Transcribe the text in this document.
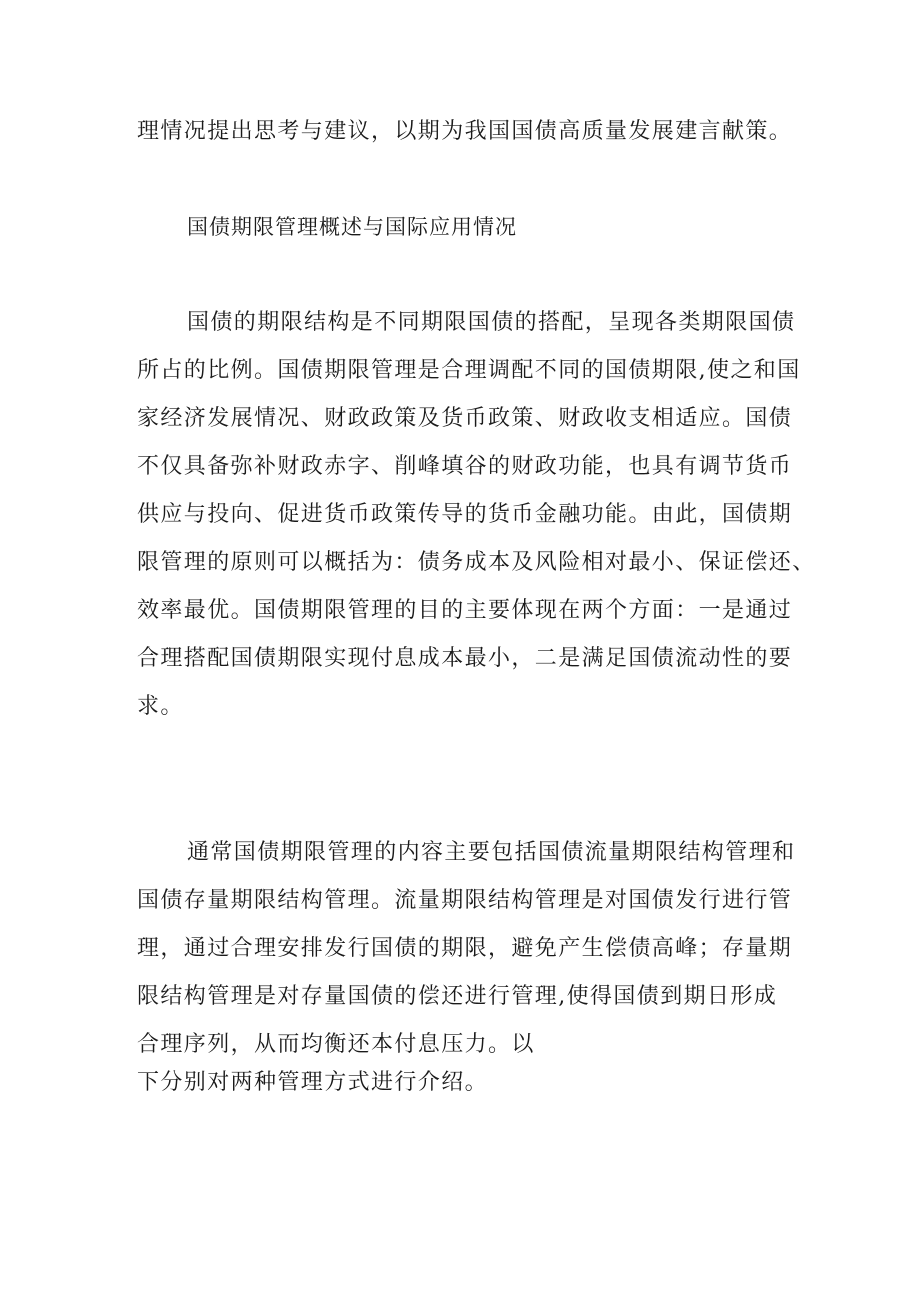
理情况提出思考与建议，以期为我国国债高质量发展建言献策。
国债期限管理概述与国际应用情况
国债的期限结构是不同期限国债的搭配，呈现各类期限国债
所占的比例。国债期限管理是合理调配不同的国债期限,使之和国
家经济发展情况、财政政策及货币政策、财政收支相适应。国债
不仅具备弥补财政赤字、削峰填谷的财政功能，也具有调节货币
供应与投向、促进货币政策传导的货币金融功能。由此，国债期
限管理的原则可以概括为：债务成本及风险相对最小、保证偿还、
效率最优。国债期限管理的目的主要体现在两个方面：一是通过
合理搭配国债期限实现付息成本最小，二是满足国债流动性的要
求。
通常国债期限管理的内容主要包括国债流量期限结构管理和
国债存量期限结构管理。流量期限结构管理是对国债发行进行管
理，通过合理安排发行国债的期限，避免产生偿债高峰；存量期
限结构管理是对存量国债的偿还进行管理,使得国债到期日形成
合理序列，从而均衡还本付息压力。以
下分别对两种管理方式进行介绍。
